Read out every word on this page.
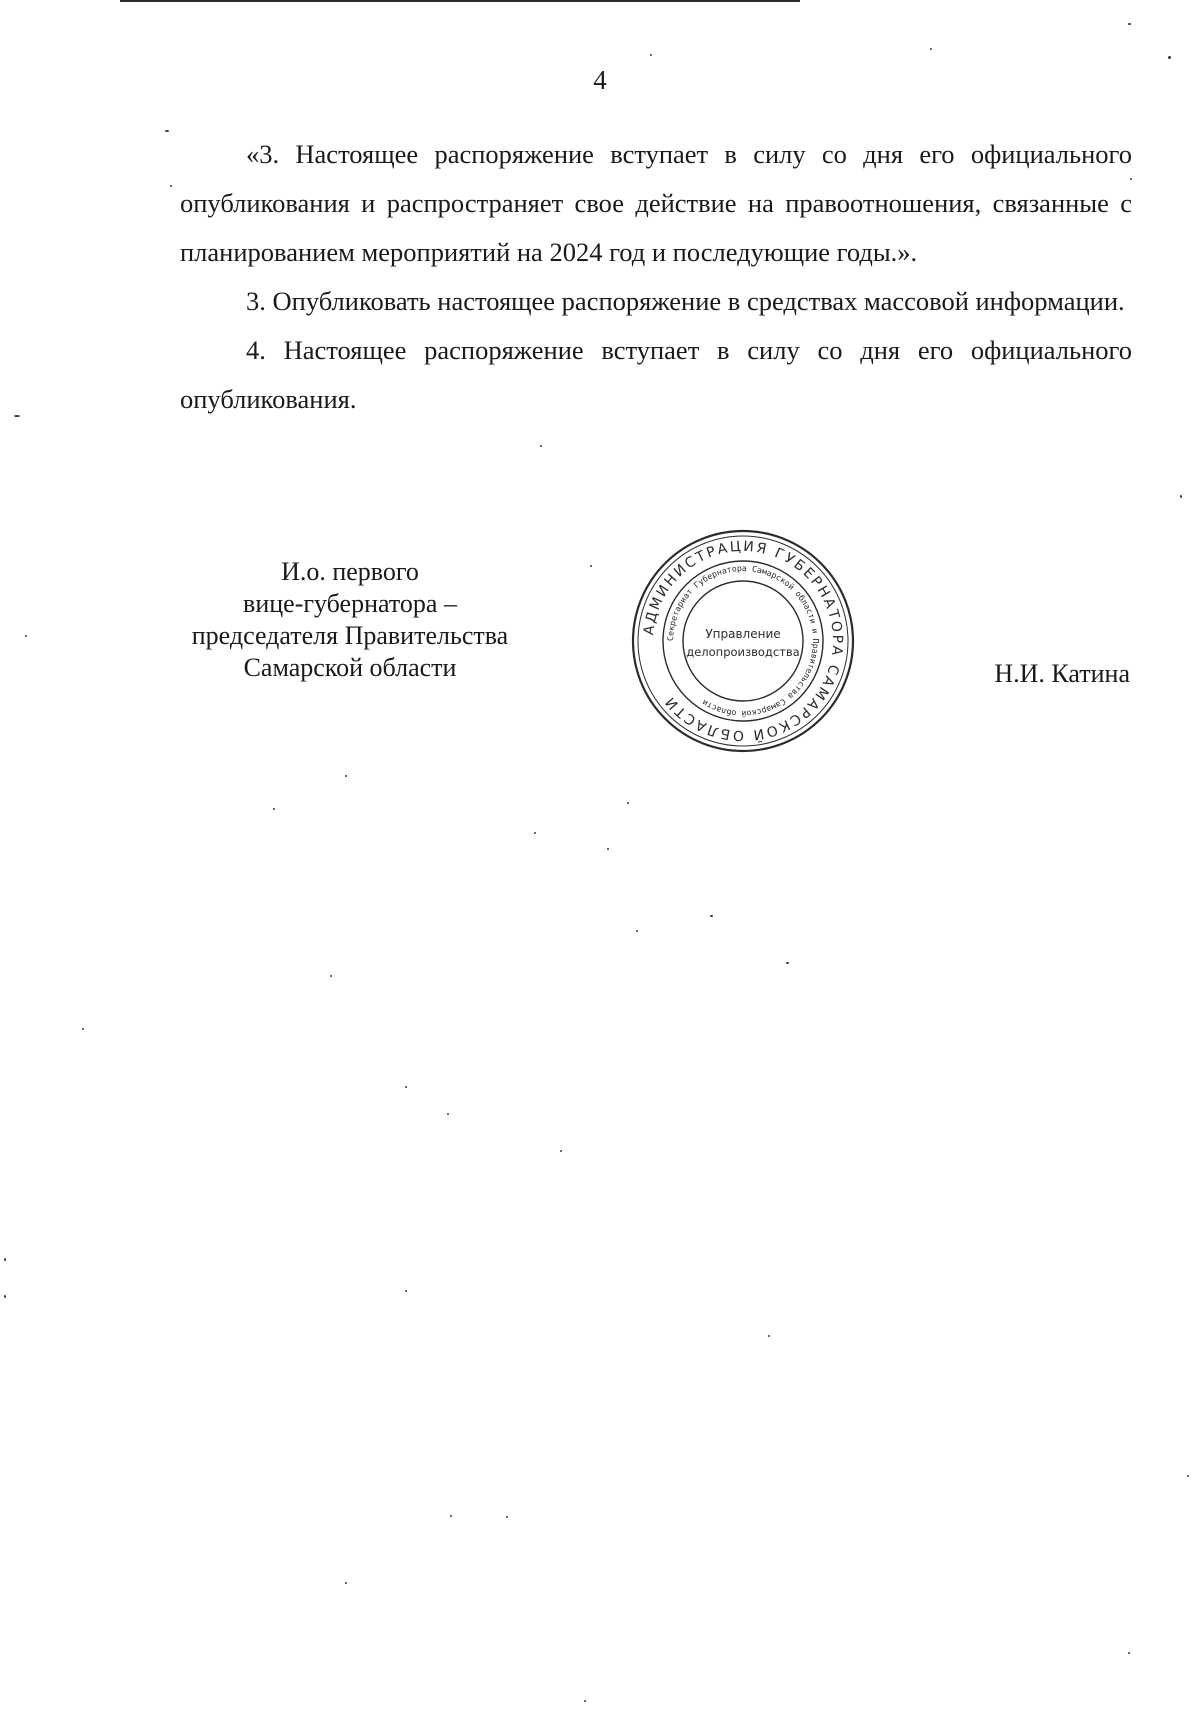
4

«3. Настоящее распоряжение вступает в силу со дня его официального опубликования и распространяет свое действие на правоотношения, связанные с планированием мероприятий на 2024 год и последующие годы.».

3. Опубликовать настоящее распоряжение в средствах массовой информации.

4. Настоящее распоряжение вступает в силу со дня его официального опубликования.

И.о. первого
вице-губернатора –
председателя Правительства
Самарской области
АДМИНИСТРАЦИЯ ГУБЕРНАТОРА САМАРСКОЙ ОБЛАСТИ
Секретариат Губернатора Самарской области и Правительства Самарской области
Управление
делопроизводства
Н.И. Катина
